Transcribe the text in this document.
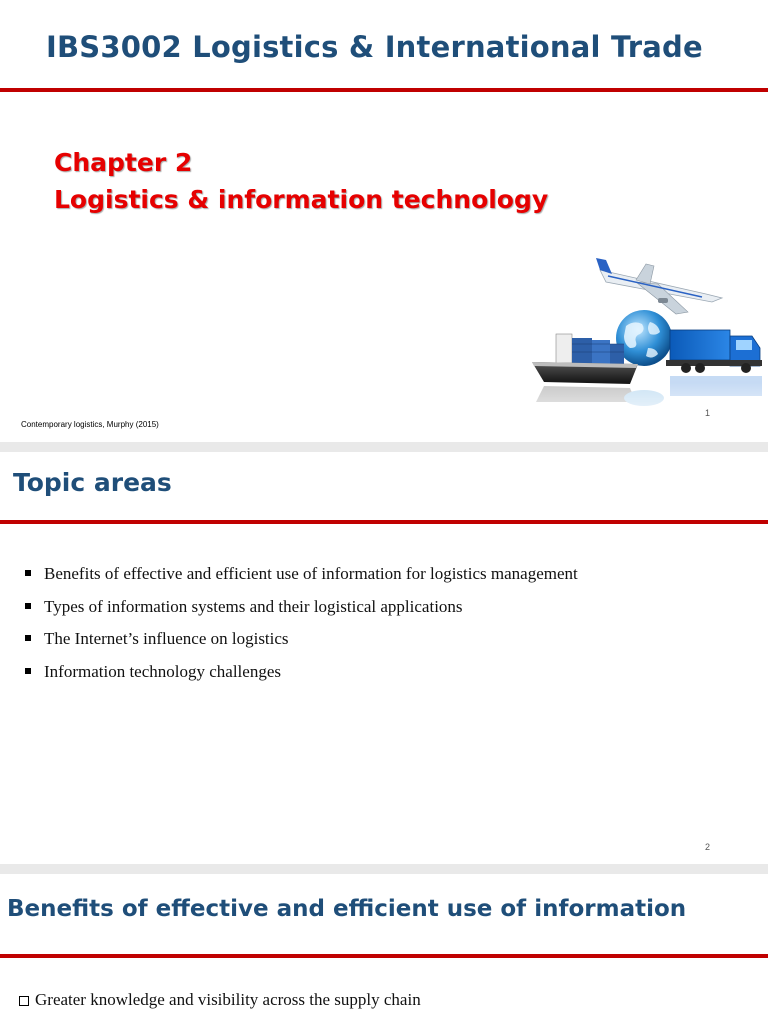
IBS3002 Logistics & International Trade
Chapter 2
Logistics & information technology
Contemporary logistics, Murphy (2015)
1
Topic areas
Benefits of effective and efficient use of information for logistics management
Types of information systems and their logistical applications
The Internet’s influence on logistics
Information technology challenges
2
Benefits of effective and efficient use of information
Greater knowledge and visibility across the supply chain
